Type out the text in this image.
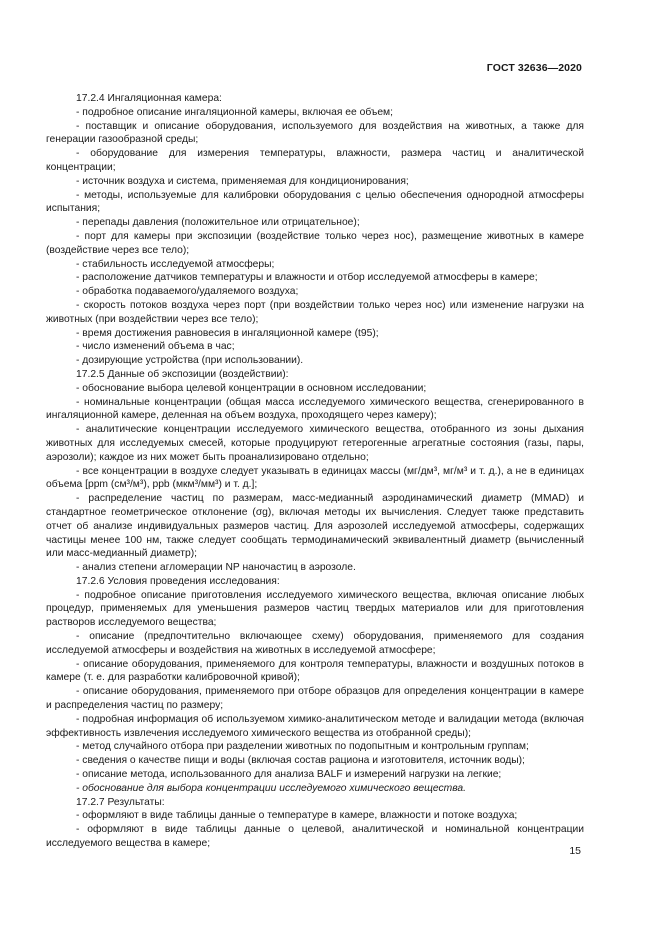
ГОСТ 32636—2020

17.2.4 Ингаляционная камера:

- подробное описание ингаляционной камеры, включая ее объем;

- поставщик и описание оборудования, используемого для воздействия на животных, а также для генерации газообразной среды;

- оборудование для измерения температуры, влажности, размера частиц и аналитической концентрации;

- источник воздуха и система, применяемая для кондиционирования;

- методы, используемые для калибровки оборудования с целью обеспечения однородной атмосферы испытания;

- перепады давления (положительное или отрицательное);

- порт для камеры при экспозиции (воздействие только через нос), размещение животных в камере (воздействие через все тело);

- стабильность исследуемой атмосферы;

- расположение датчиков температуры и влажности и отбор исследуемой атмосферы в камере;

- обработка подаваемого/удаляемого воздуха;

- скорость потоков воздуха через порт (при воздействии только через нос) или изменение нагрузки на животных (при воздействии через все тело);

- время достижения равновесия в ингаляционной камере (t95);

- число изменений объема в час;

- дозирующие устройства (при использовании).

17.2.5 Данные об экспозиции (воздействии):

- обоснование выбора целевой концентрации в основном исследовании;

- номинальные концентрации (общая масса исследуемого химического вещества, сгенерированного в ингаляционной камере, деленная на объем воздуха, проходящего через камеру);

- аналитические концентрации исследуемого химического вещества, отобранного из зоны дыхания животных для исследуемых смесей, которые продуцируют гетерогенные агрегатные состояния (газы, пары, аэрозоли); каждое из них может быть проанализировано отдельно;

- все концентрации в воздухе следует указывать в единицах массы (мг/дм³, мг/м³ и т. д.), а не в единицах объема [ppm (см³/м³), ppb (мкм³/мм³) и т. д.];

- распределение частиц по размерам, масс-медианный аэродинамический диаметр (MMAD) и стандартное геометрическое отклонение (σg), включая методы их вычисления. Следует также представить отчет об анализе индивидуальных размеров частиц. Для аэрозолей исследуемой атмосферы, содержащих частицы менее 100 нм, также следует сообщать термодинамический эквивалентный диаметр (вычисленный или масс-медианный диаметр);

- анализ степени агломерации NP наночастиц в аэрозоле.

17.2.6 Условия проведения исследования:

- подробное описание приготовления исследуемого химического вещества, включая описание любых процедур, применяемых для уменьшения размеров частиц твердых материалов или для приготовления растворов исследуемого вещества;

- описание (предпочтительно включающее схему) оборудования, применяемого для создания исследуемой атмосферы и воздействия на животных в исследуемой атмосфере;

- описание оборудования, применяемого для контроля температуры, влажности и воздушных потоков в камере (т. е. для разработки калибровочной кривой);

- описание оборудования, применяемого при отборе образцов для определения концентрации в камере и распределения частиц по размеру;

- подробная информация об используемом химико-аналитическом методе и валидации метода (включая эффективность извлечения исследуемого химического вещества из отобранной среды);

- метод случайного отбора при разделении животных по подопытным и контрольным группам;

- сведения о качестве пищи и воды (включая состав рациона и изготовителя, источник воды);

- описание метода, использованного для анализа BALF и измерений нагрузки на легкие;

- обоснование для выбора концентрации исследуемого химического вещества.

17.2.7 Результаты:

- оформляют в виде таблицы данные о температуре в камере, влажности и потоке воздуха;

- оформляют в виде таблицы данные о целевой, аналитической и номинальной концентрации исследуемого вещества в камере;

15
